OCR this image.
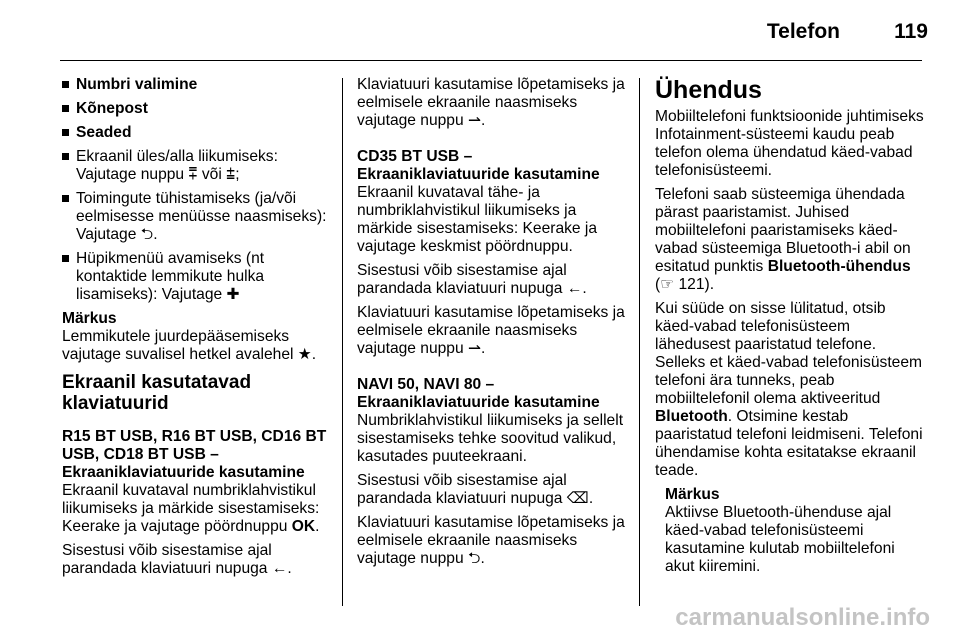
Telefon	119
Numbri valimine
Kõnepost
Seaded
Ekraanil üles/alla liikumiseks: Vajutage nuppu ⩱ või ⩲;
Toimingute tühistamiseks (ja/või eelmisesse menüüsse naasmiseks): Vajutage ⮌.
Hüpikmenüü avamiseks (nt kontaktide lemmikute hulka lisamiseks): Vajutage ✚
Märkus
Lemmikutele juurdepääsemiseks vajutage suvalisel hetkel avalehel ★.
Ekraanil kasutatavad klaviatuurid
R15 BT USB, R16 BT USB, CD16 BT USB, CD18 BT USB – Ekraaniklaviatuuride kasutamine
Ekraanil kuvataval numbriklahvistikul liikumiseks ja märkide sisestamiseks: Keerake ja vajutage pöördnuppu OK.
Sisestusi võib sisestamise ajal parandada klaviatuuri nupuga ←.
Klaviatuuri kasutamise lõpetamiseks ja eelmisele ekraanile naasmiseks vajutage nuppu ⇀.
CD35 BT USB – Ekraaniklaviatuuride kasutamine
Ekraanil kuvataval tähe- ja numbriklahvistikul liikumiseks ja märkide sisestamiseks: Keerake ja vajutage keskmist pöördnuppu.
Sisestusi võib sisestamise ajal parandada klaviatuuri nupuga ←.
Klaviatuuri kasutamise lõpetamiseks ja eelmisele ekraanile naasmiseks vajutage nuppu ⇀.
NAVI 50, NAVI 80 – Ekraaniklaviatuuride kasutamine
Numbriklahvistikul liikumiseks ja sellelt sisestamiseks tehke soovitud valikud, kasutades puuteekraani.
Sisestusi võib sisestamise ajal parandada klaviatuuri nupuga ⌫.
Klaviatuuri kasutamise lõpetamiseks ja eelmisele ekraanile naasmiseks vajutage nuppu ⮌.
Ühendus
Mobiiltelefoni funktsioonide juhtimiseks Infotainment-süsteemi kaudu peab telefon olema ühendatud käed-vabad telefonisüsteemi.
Telefoni saab süsteemiga ühendada pärast paaristamist. Juhised mobiiltelefoni paaristamiseks käed-vabad süsteemiga Bluetooth-i abil on esitatud punktis Bluetooth-ühendus (☞ 121).
Kui süüde on sisse lülitatud, otsib käed-vabad telefonisüsteem lähedusest paaristatud telefone. Selleks et käed-vabad telefonisüsteem telefoni ära tunneks, peab mobiiltelefonil olema aktiveeritud Bluetooth. Otsimine kestab paaristatud telefoni leidmiseni. Telefoni ühendamise kohta esitatakse ekraanil teade.
Märkus
Aktiivse Bluetooth-ühenduse ajal käed-vabad telefonisüsteemi kasutamine kulutab mobiiltelefoni akut kiiremini.
carmanualsonline.info
